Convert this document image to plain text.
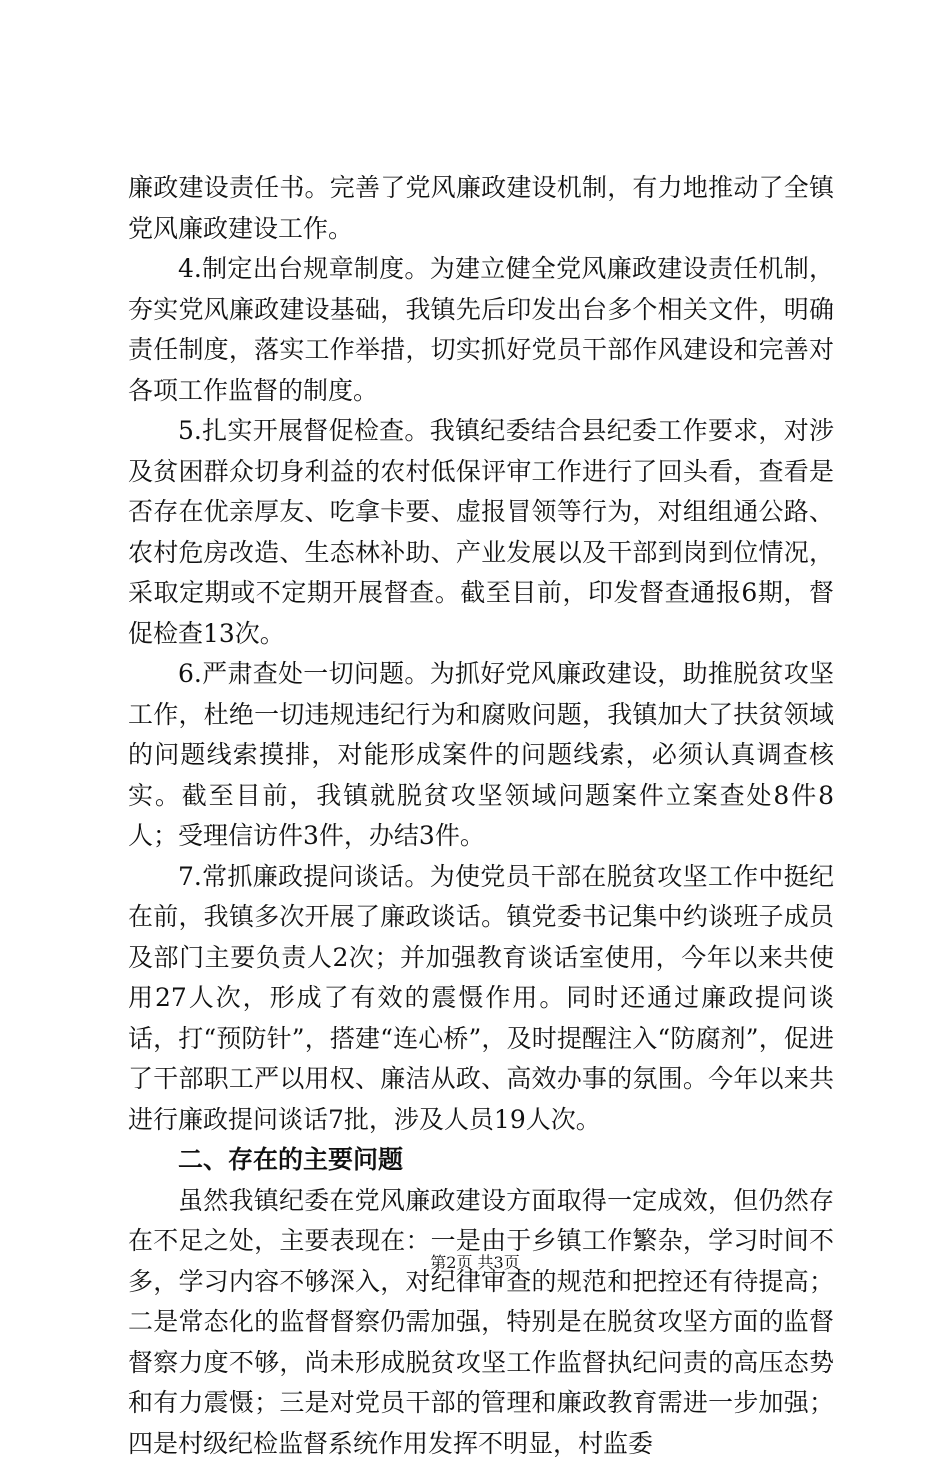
廉政建设责任书。完善了党风廉政建设机制，有力地推动了全镇党风廉政建设工作。

4.制定出台规章制度。为建立健全党风廉政建设责任机制，夯实党风廉政建设基础，我镇先后印发出台多个相关文件，明确责任制度，落实工作举措，切实抓好党员干部作风建设和完善对各项工作监督的制度。

5.扎实开展督促检查。我镇纪委结合县纪委工作要求，对涉及贫困群众切身利益的农村低保评审工作进行了回头看，查看是否存在优亲厚友、吃拿卡要、虚报冒领等行为，对组组通公路、农村危房改造、生态林补助、产业发展以及干部到岗到位情况，采取定期或不定期开展督查。截至目前，印发督查通报6期，督促检查13次。

6.严肃查处一切问题。为抓好党风廉政建设，助推脱贫攻坚工作，杜绝一切违规违纪行为和腐败问题，我镇加大了扶贫领域的问题线索摸排，对能形成案件的问题线索，必须认真调查核实。截至目前，我镇就脱贫攻坚领域问题案件立案查处8件8人；受理信访件3件，办结3件。

7.常抓廉政提问谈话。为使党员干部在脱贫攻坚工作中挺纪在前，我镇多次开展了廉政谈话。镇党委书记集中约谈班子成员及部门主要负责人2次；并加强教育谈话室使用，今年以来共使用27人次，形成了有效的震慑作用。同时还通过廉政提问谈话，打“预防针”，搭建“连心桥”，及时提醒注入“防腐剂”，促进了干部职工严以用权、廉洁从政、高效办事的氛围。今年以来共进行廉政提问谈话7批，涉及人员19人次。

二、存在的主要问题

虽然我镇纪委在党风廉政建设方面取得一定成效，但仍然存在不足之处，主要表现在：一是由于乡镇工作繁杂，学习时间不多，学习内容不够深入，对纪律审查的规范和把控还有待提高；二是常态化的监督督察仍需加强，特别是在脱贫攻坚方面的监督督察力度不够，尚未形成脱贫攻坚工作监督执纪问责的高压态势和有力震慑；三是对党员干部的管理和廉政教育需进一步加强；四是村级纪检监督系统作用发挥不明显，村监委

第2页 共3页
